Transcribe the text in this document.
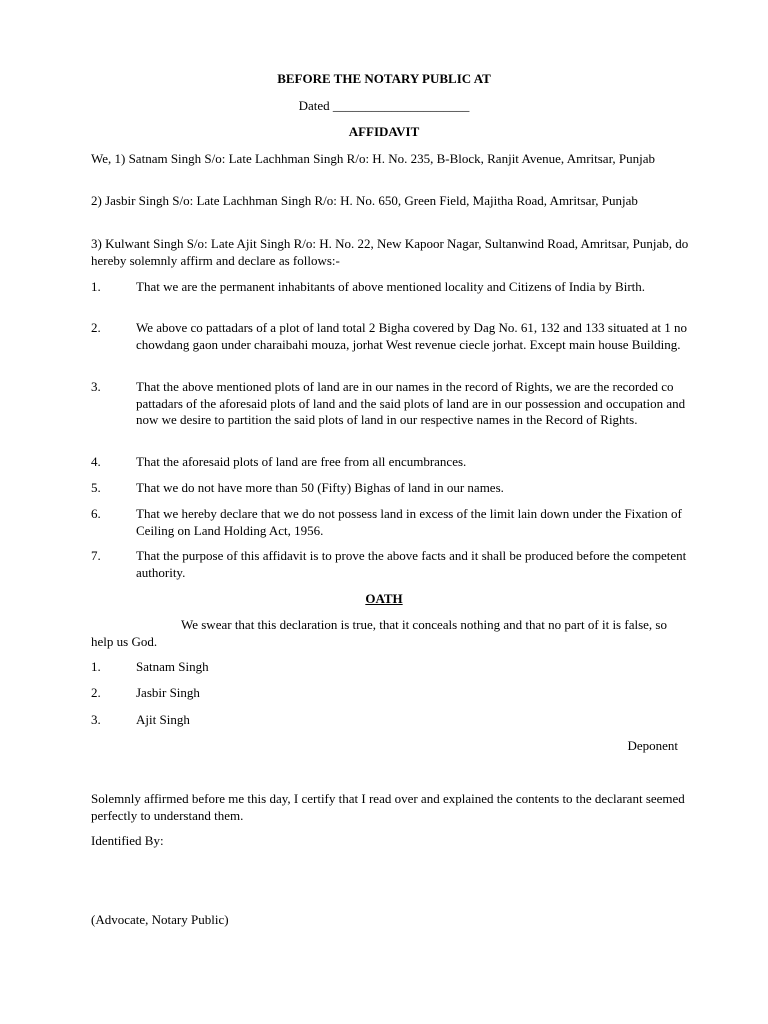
BEFORE THE NOTARY PUBLIC AT
Dated _____________________
AFFIDAVIT

We, 1) Satnam Singh S/o: Late Lachhman Singh R/o: H. No. 235, B-Block, Ranjit Avenue, Amritsar, Punjab

2) Jasbir Singh S/o: Late Lachhman Singh R/o: H. No. 650, Green Field, Majitha Road, Amritsar, Punjab

3) Kulwant Singh S/o: Late Ajit Singh R/o: H. No. 22, New Kapoor Nagar, Sultanwind Road, Amritsar, Punjab, do hereby solemnly affirm and declare as follows:-

1.	That we are the permanent inhabitants of above mentioned locality and Citizens of India by Birth.
2.	We above co pattadars of a plot of land total 2 Bigha covered by Dag No. 61, 132 and 133 situated at 1 no chowdang gaon under charaibahi mouza, jorhat West revenue ciecle jorhat. Except main house Building.
3.	That the above mentioned plots of land are in our names in the record of Rights, we are the recorded co pattadars of the aforesaid plots of land and the said plots of land are in our possession and occupation and now we desire to partition the said plots of land in our respective names in the Record of Rights.
4.	That the aforesaid plots of land are free from all encumbrances.
5.	That we do not have more than 50 (Fifty) Bighas of land in our names.
6.	That we hereby declare that we do not possess land in excess of the limit lain down under the Fixation of Ceiling on Land Holding Act, 1956.
7.	That the purpose of this affidavit is to prove the above facts and it shall be produced before the competent authority.
OATH

We swear that this declaration is true, that it conceals nothing and that no part of it is false, so help us God.

1.	Satnam Singh
2.	Jasbir Singh
3.	Ajit Singh
Deponent

Solemnly affirmed before me this day, I certify that I read over and explained the contents to the declarant seemed perfectly to understand them.

Identified By:
(Advocate, Notary Public)
